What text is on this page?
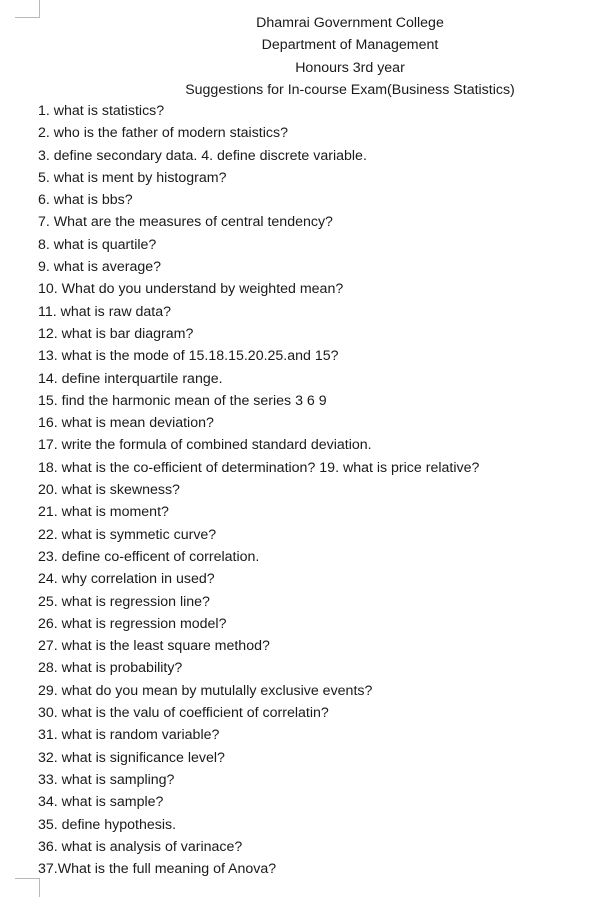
Dhamrai Government College
Department of Management
Honours 3rd year
Suggestions for In-course Exam(Business Statistics)
1. what is statistics?
2. who is the father of modern staistics?
3. define secondary data. 4. define discrete variable.
5. what is ment by histogram?
6. what is bbs?
7. What are the measures of central tendency?
8. what is quartile?
9. what is average?
10. What do you understand by weighted mean?
11. what is raw data?
12. what is bar diagram?
13. what is the mode of 15.18.15.20.25.and 15?
14. define interquartile range.
15. find the harmonic mean of the series 3 6 9
16. what is mean deviation?
17. write the formula of combined standard deviation.
18. what is the co-efficient of determination? 19. what is price relative?
20. what is skewness?
21. what is moment?
22. what is symmetic curve?
23. define co-efficent of correlation.
24. why correlation in used?
25. what is regression line?
26. what is regression model?
27. what is the least square method?
28. what is probability?
29. what do you mean by mutulally exclusive events?
30. what is the valu of coefficient of correlatin?
31. what is random variable?
32. what is significance level?
33. what is sampling?
34. what is sample?
35. define hypothesis.
36. what is analysis of varinace?
37.What is the full meaning of Anova?
